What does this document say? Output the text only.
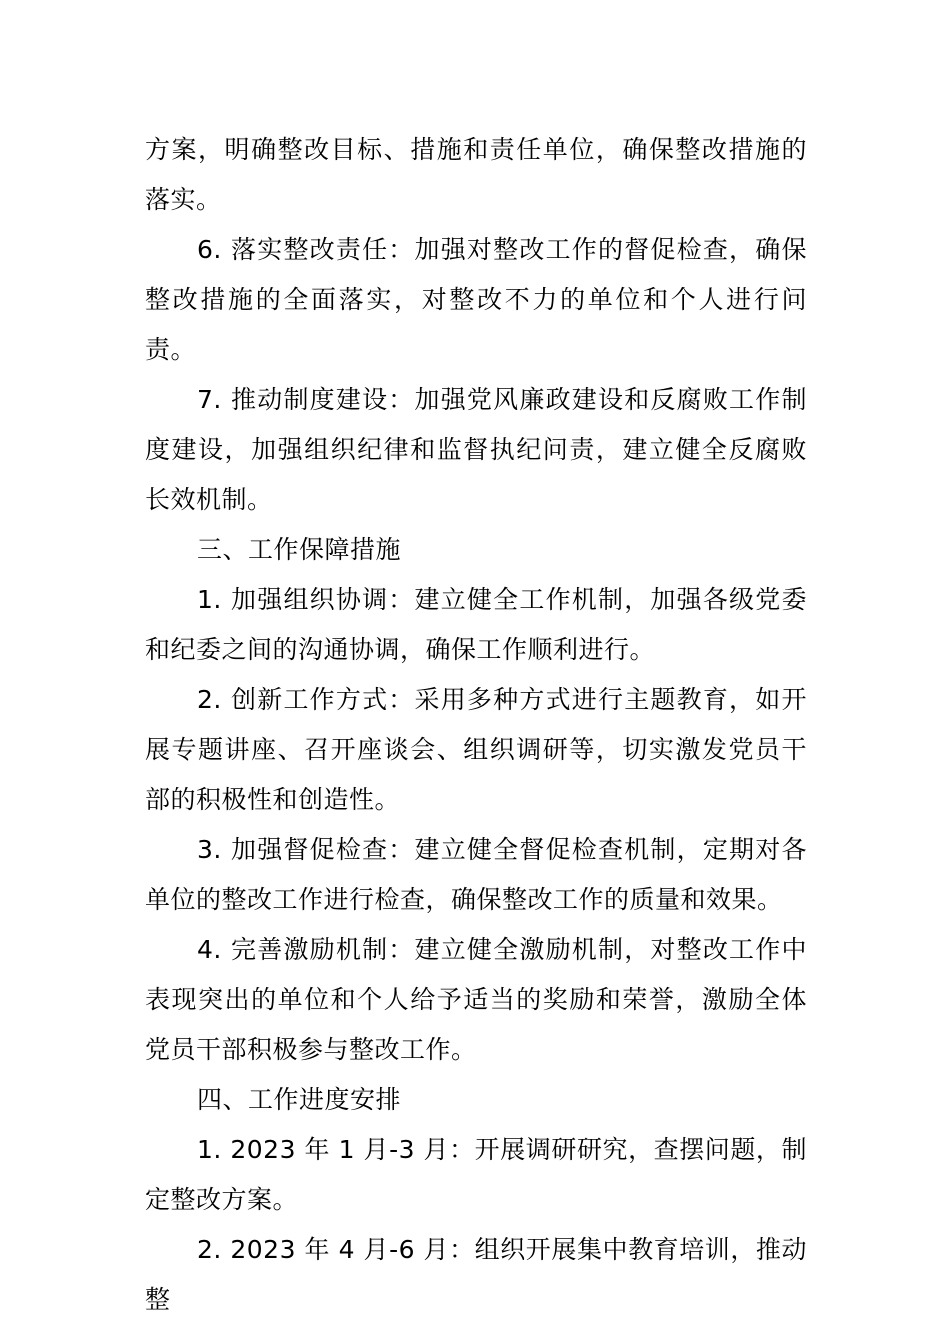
方案，明确整改目标、措施和责任单位，确保整改措施的落实。

6. 落实整改责任：加强对整改工作的督促检查，确保整改措施的全面落实，对整改不力的单位和个人进行问责。

7. 推动制度建设：加强党风廉政建设和反腐败工作制度建设，加强组织纪律和监督执纪问责，建立健全反腐败长效机制。

三、工作保障措施

1. 加强组织协调：建立健全工作机制，加强各级党委和纪委之间的沟通协调，确保工作顺利进行。

2. 创新工作方式：采用多种方式进行主题教育，如开展专题讲座、召开座谈会、组织调研等，切实激发党员干部的积极性和创造性。

3. 加强督促检查：建立健全督促检查机制，定期对各单位的整改工作进行检查，确保整改工作的质量和效果。

4. 完善激励机制：建立健全激励机制，对整改工作中表现突出的单位和个人给予适当的奖励和荣誉，激励全体党员干部积极参与整改工作。

四、工作进度安排

1. 2023 年 1 月-3 月：开展调研研究，查摆问题，制定整改方案。

2. 2023 年 4 月-6 月：组织开展集中教育培训，推动整
